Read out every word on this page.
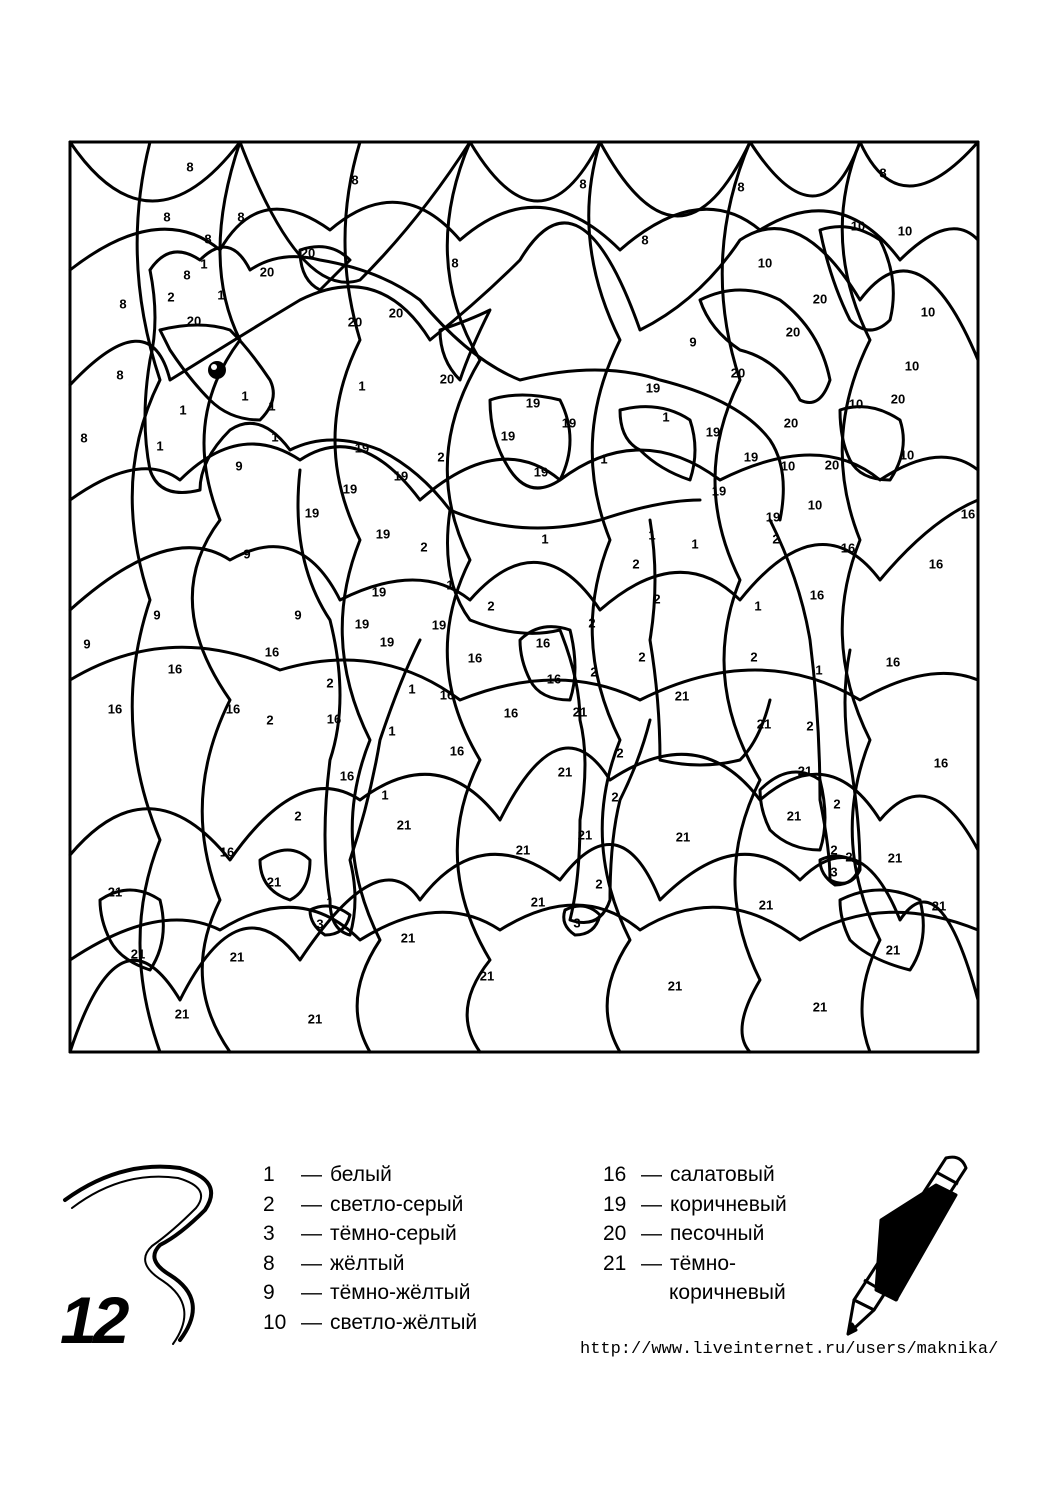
8
8	8	8
8
8	8
8
8
8
8
8
8
8
1
1
2
20
20
20
20
20
20
20
20
20
20
20
20
10
10
10
10
10
10
10
10
10
9
9
9
9	9
9
1
1	1
1
1
1
1
1
1	1
1
1
1
1
1
1
1
1
19
19
19
19
19
19
19
19
19
19
19
19
19
19
19
19	19
19
2
2
2
2
2
2
2
2
2
2
2	2
2
2	2
2
2
2
2
2
16
16
16
16
16
16
16
16
16	16
16	16
16	16
16
16
16
16
16
21
21
21
21	21
21
21
21
21
21
21
21
21
21	21	21
21
21
21	21
21
21
21	21
21
3	3
3
12
1	— белый
2	— светло-серый
3	— тёмно-серый
8	— жёлтый
9	— тёмно-жёлтый
10 — светло-жёлтый
16 — салатовый
19 — коричневый
20 — песочный
21 — тёмно-
коричневый
http://www.liveinternet.ru/users/maknika/
